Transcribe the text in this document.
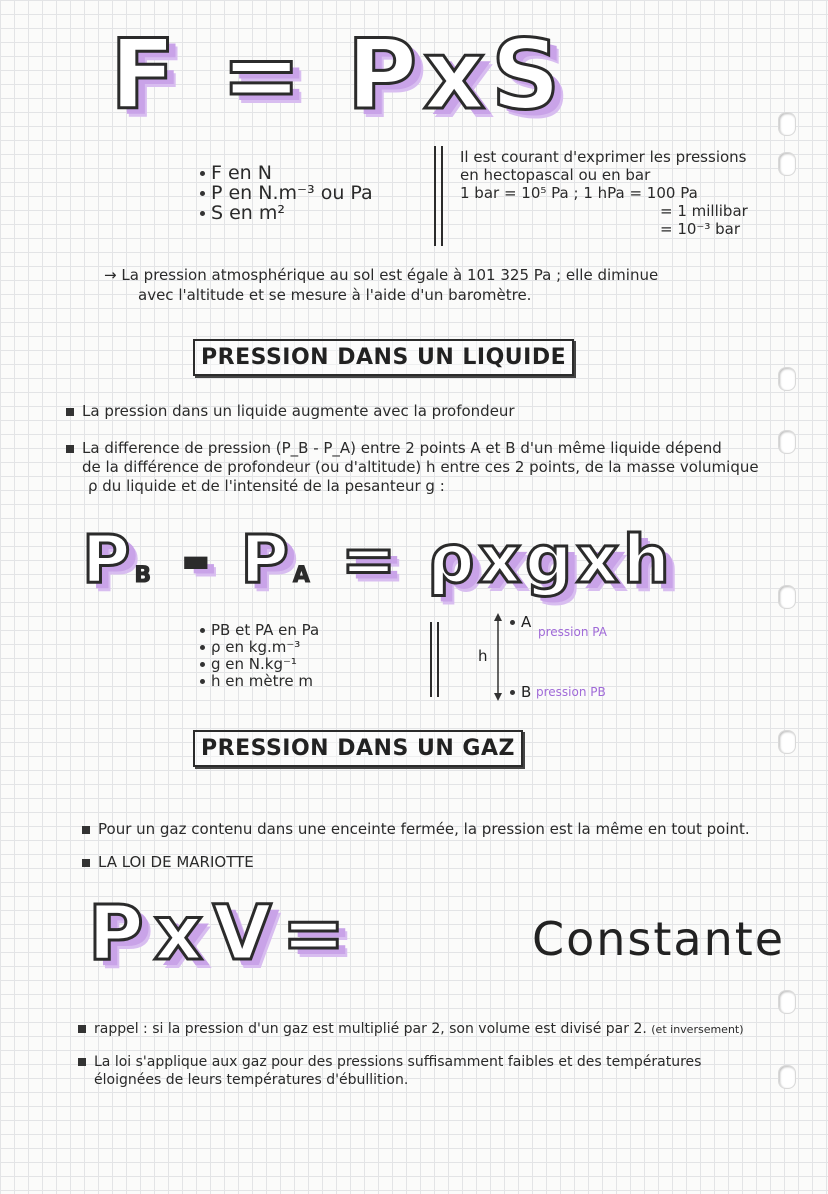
F = PxS
F en N
P en N.m⁻³ ou Pa
S en m²
Il est courant d'exprimer les pressions
en hectopascal ou en bar
1 bar = 10⁵ Pa ; 1 hPa = 100 Pa
= 1 millibar
= 10⁻³ bar
→ La pression atmosphérique au sol est égale à 101 325 Pa ; elle diminue
avec l'altitude et se mesure à l'aide d'un baromètre.
PRESSION DANS UN LIQUIDE
La pression dans un liquide augmente avec la profondeur
La difference de pression (P_B - P_A) entre 2 points A et B d'un même liquide dépend
de la différence de profondeur (ou d'altitude) h entre ces 2 points, de la masse volumique
ρ du liquide et de l'intensité de la pesanteur g :
PB - PA = ρxgxh
PB et PA en Pa
ρ en kg.m⁻³
g en N.kg⁻¹
h en mètre m
h
A
pression PA
B pression PB
PRESSION DANS UN GAZ
Pour un gaz contenu dans une enceinte fermée, la pression est la même en tout point.
LA LOI DE MARIOTTE
PxV=	Constante
rappel : si la pression d'un gaz est multiplié par 2, son volume est divisé par 2. (et inversement)
La loi s'applique aux gaz pour des pressions suffisamment faibles et des températures
éloignées de leurs températures d'ébullition.
